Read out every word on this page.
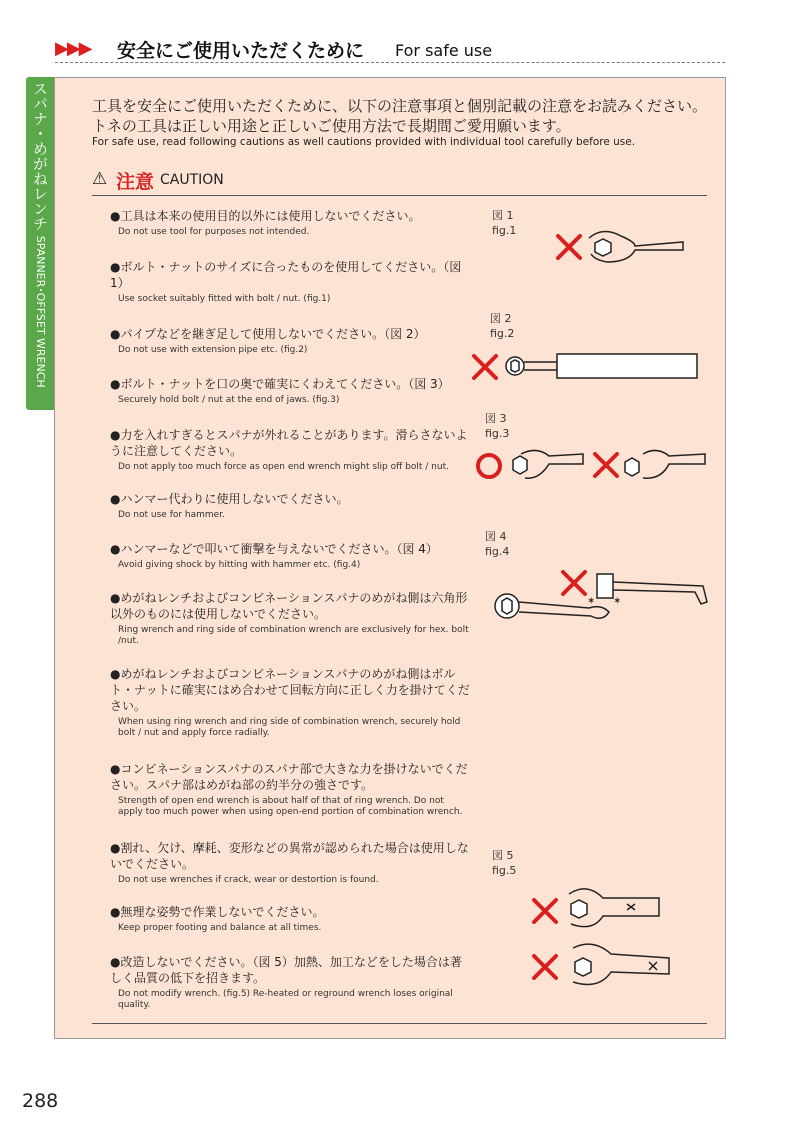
▶▶▶ 安全にご使用いただくために For safe use
スパナ・めがねレンチ SPANNER･OFFSET WRENCH
工具を安全にご使用いただくために、以下の注意事項と個別記載の注意をお読みください。トネの工具は正しい用途と正しいご使用方法で長期間ご愛用願います。
For safe use, read following cautions as well cautions provided with individual tool carefully before use.
⚠ 注意 CAUTION
●工具は本来の使用目的以外には使用しないでください。
Do not use tool for purposes not intended.
●ボルト・ナットのサイズに合ったものを使用してください。（図 1）
Use socket suitably fitted with bolt / nut. (fig.1)
●パイプなどを継ぎ足して使用しないでください。（図 2）
Do not use with extension pipe etc. (fig.2)
●ボルト・ナットを口の奥で確実にくわえてください。（図 3）
Securely hold bolt / nut at the end of jaws. (fig.3)
●力を入れすぎるとスパナが外れることがあります。滑らさないように注意してください。
Do not apply too much force as open end wrench might slip off bolt / nut.
●ハンマー代わりに使用しないでください。
Do not use for hammer.
●ハンマーなどで叩いて衝撃を与えないでください。（図 4）
Avoid giving shock by hitting with hammer etc. (fig.4)
●めがねレンチおよびコンビネーションスパナのめがね側は六角形以外のものには使用しないでください。
Ring wrench and ring side of combination wrench are exclusively for hex. bolt /nut.
●めがねレンチおよびコンビネーションスパナのめがね側はボルト・ナットに確実にはめ合わせて回転方向に正しく力を掛けてください。
When using ring wrench and ring side of combination wrench, securely hold bolt / nut and apply force radially.
●コンビネーションスパナのスパナ部で大きな力を掛けないでください。スパナ部はめがね部の約半分の強さです。
Strength of open end wrench is about half of that of ring wrench. Do not apply too much power when using open-end portion of combination wrench.
●割れ、欠け、摩耗、変形などの異常が認められた場合は使用しないでください。
Do not use wrenches if crack, wear or destortion is found.
●無理な姿勢で作業しないでください。
Keep proper footing and balance at all times.
●改造しないでください。（図 5）加熱、加工などをした場合は著しく品質の低下を招きます。
Do not modify wrench. (fig.5) Re-heated or reground wrench loses original quality.
図 1
fig.1
図 2
fig.2
図 3
fig.3
図 4
fig.4
図 5
fig.5
✶ ✶
288
